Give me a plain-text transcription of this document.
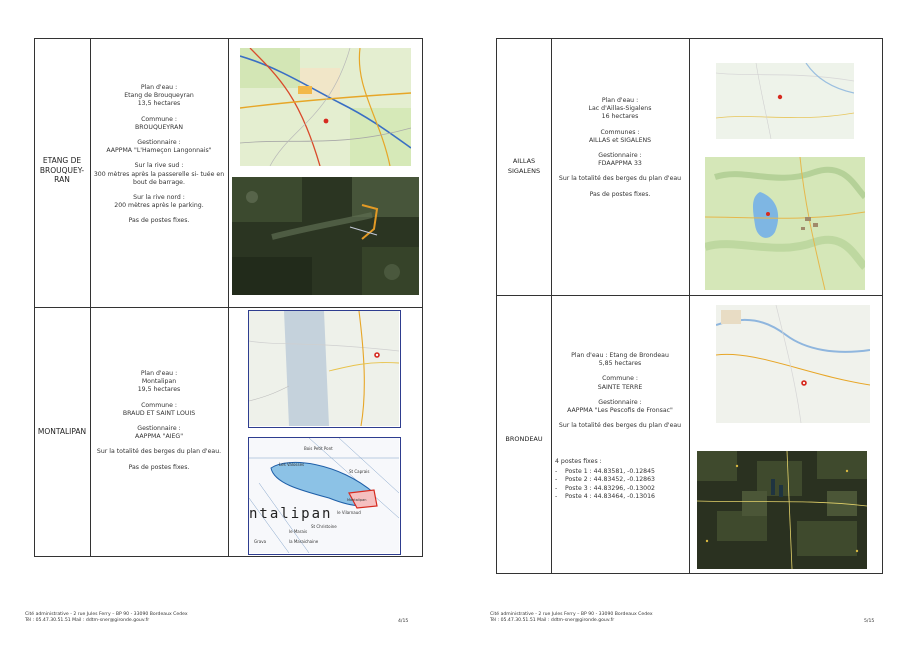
ETANG DE BROUQUEY-RAN

Plan d'eau :
Etang de Brouqueyran
13,5 hectares

Commune :
BROUQUEYRAN

Gestionnaire :
AAPPMA "L'Hameçon Langonnais"

Sur la rive sud :
300 mètres après la passerelle si- tuée en bout de barrage.

Sur la rive nord :
200 mètres après le parking.

Pas de postes fixes.

MONTALIPAN

Plan d'eau :
Montalipan
19,5 hectares

Commune :
BRAUD ET SAINT LOUIS

Gestionnaire :
AAPPMA "AIEG"

Sur la totalité des berges du plan d'eau.

Pas de postes fixes.

Bois Petit Pont
Les Valosses
St Caprais
ntalipan
le Marais
le Vilarnaud
St Christoine
la Maraichaine
Grava
Montalipan
Cité administrative - 2 rue Jules Ferry – BP 90 - 33090 Bordeaux Cedex
Tél : 05.47.30.51.51 Mail : ddtm-sner@gironde.gouv.fr	4/15
AILLAS SIGALENS

Plan d'eau :
Lac d'Aillas-Sigalens
16 hectares

Communes :
AILLAS et SIGALENS

Gestionnaire :
FDAAPPMA 33

Sur la totalité des berges du plan d'eau

Pas de postes fixes.

BRONDEAU

Plan d'eau : Etang de Brondeau
5,85 hectares

Commune :
SAINTE TERRE

Gestionnaire :
AAPPMA "Les Pescofis de Fronsac"

Sur la totalité des berges du plan d'eau

4 postes fixes :
- Poste 1 : 44.83581, -0.12845
- Poste 2 : 44.83452, -0.12863
- Poste 3 : 44.83296, -0.13002
- Poste 4 : 44.83464, -0.13016
Cité administrative - 2 rue Jules Ferry – BP 90 - 33090 Bordeaux Cedex
Tél : 05.47.30.51.51 Mail : ddtm-sner@gironde.gouv.fr	5/15
